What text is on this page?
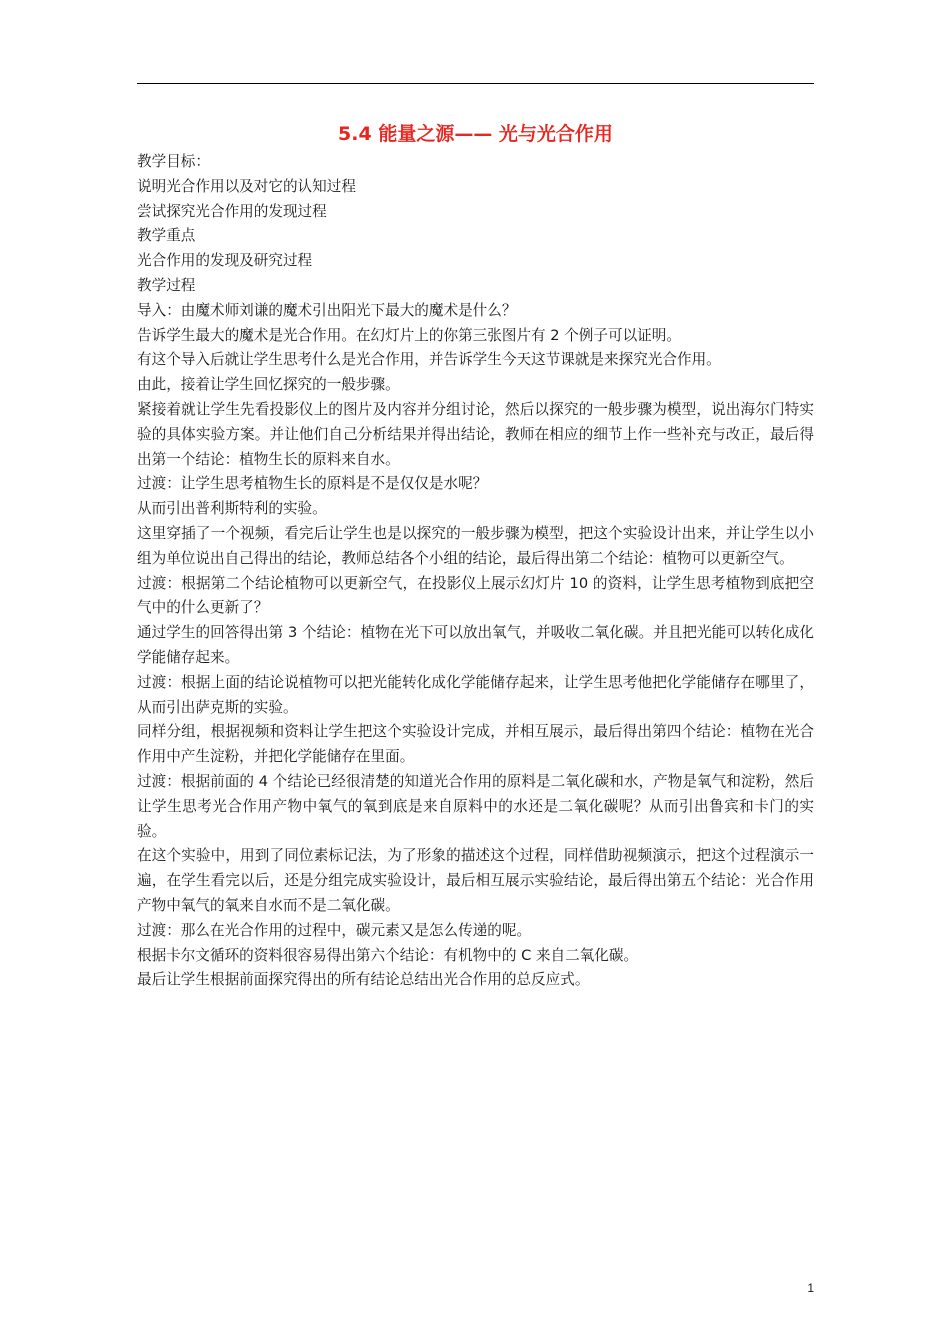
5.4 能量之源—— 光与光合作用

教学目标：

说明光合作用以及对它的认知过程

尝试探究光合作用的发现过程

教学重点

光合作用的发现及研究过程

教学过程

导入：由魔术师刘谦的魔术引出阳光下最大的魔术是什么？

告诉学生最大的魔术是光合作用。在幻灯片上的你第三张图片有 2 个例子可以证明。

有这个导入后就让学生思考什么是光合作用，并告诉学生今天这节课就是来探究光合作用。

由此，接着让学生回忆探究的一般步骤。

紧接着就让学生先看投影仪上的图片及内容并分组讨论，然后以探究的一般步骤为模型，说出海尔门特实验的具体实验方案。并让他们自己分析结果并得出结论，教师在相应的细节上作一些补充与改正，最后得出第一个结论：植物生长的原料来自水。

过渡：让学生思考植物生长的原料是不是仅仅是水呢？

从而引出普利斯特利的实验。

这里穿插了一个视频，看完后让学生也是以探究的一般步骤为模型，把这个实验设计出来，并让学生以小组为单位说出自己得出的结论，教师总结各个小组的结论，最后得出第二个结论：植物可以更新空气。

过渡：根据第二个结论植物可以更新空气，在投影仪上展示幻灯片 10 的资料，让学生思考植物到底把空气中的什么更新了？

通过学生的回答得出第 3 个结论：植物在光下可以放出氧气，并吸收二氧化碳。并且把光能可以转化成化学能储存起来。

过渡：根据上面的结论说植物可以把光能转化成化学能储存起来，让学生思考他把化学能储存在哪里了，从而引出萨克斯的实验。

同样分组，根据视频和资料让学生把这个实验设计完成，并相互展示，最后得出第四个结论：植物在光合作用中产生淀粉，并把化学能储存在里面。

过渡：根据前面的 4 个结论已经很清楚的知道光合作用的原料是二氧化碳和水，产物是氧气和淀粉，然后让学生思考光合作用产物中氧气的氧到底是来自原料中的水还是二氧化碳呢？从而引出鲁宾和卡门的实验。

在这个实验中，用到了同位素标记法，为了形象的描述这个过程，同样借助视频演示，把这个过程演示一遍，在学生看完以后，还是分组完成实验设计，最后相互展示实验结论，最后得出第五个结论：光合作用产物中氧气的氧来自水而不是二氧化碳。

过渡：那么在光合作用的过程中，碳元素又是怎么传递的呢。

根据卡尔文循环的资料很容易得出第六个结论：有机物中的 C 来自二氧化碳。

最后让学生根据前面探究得出的所有结论总结出光合作用的总反应式。

1
